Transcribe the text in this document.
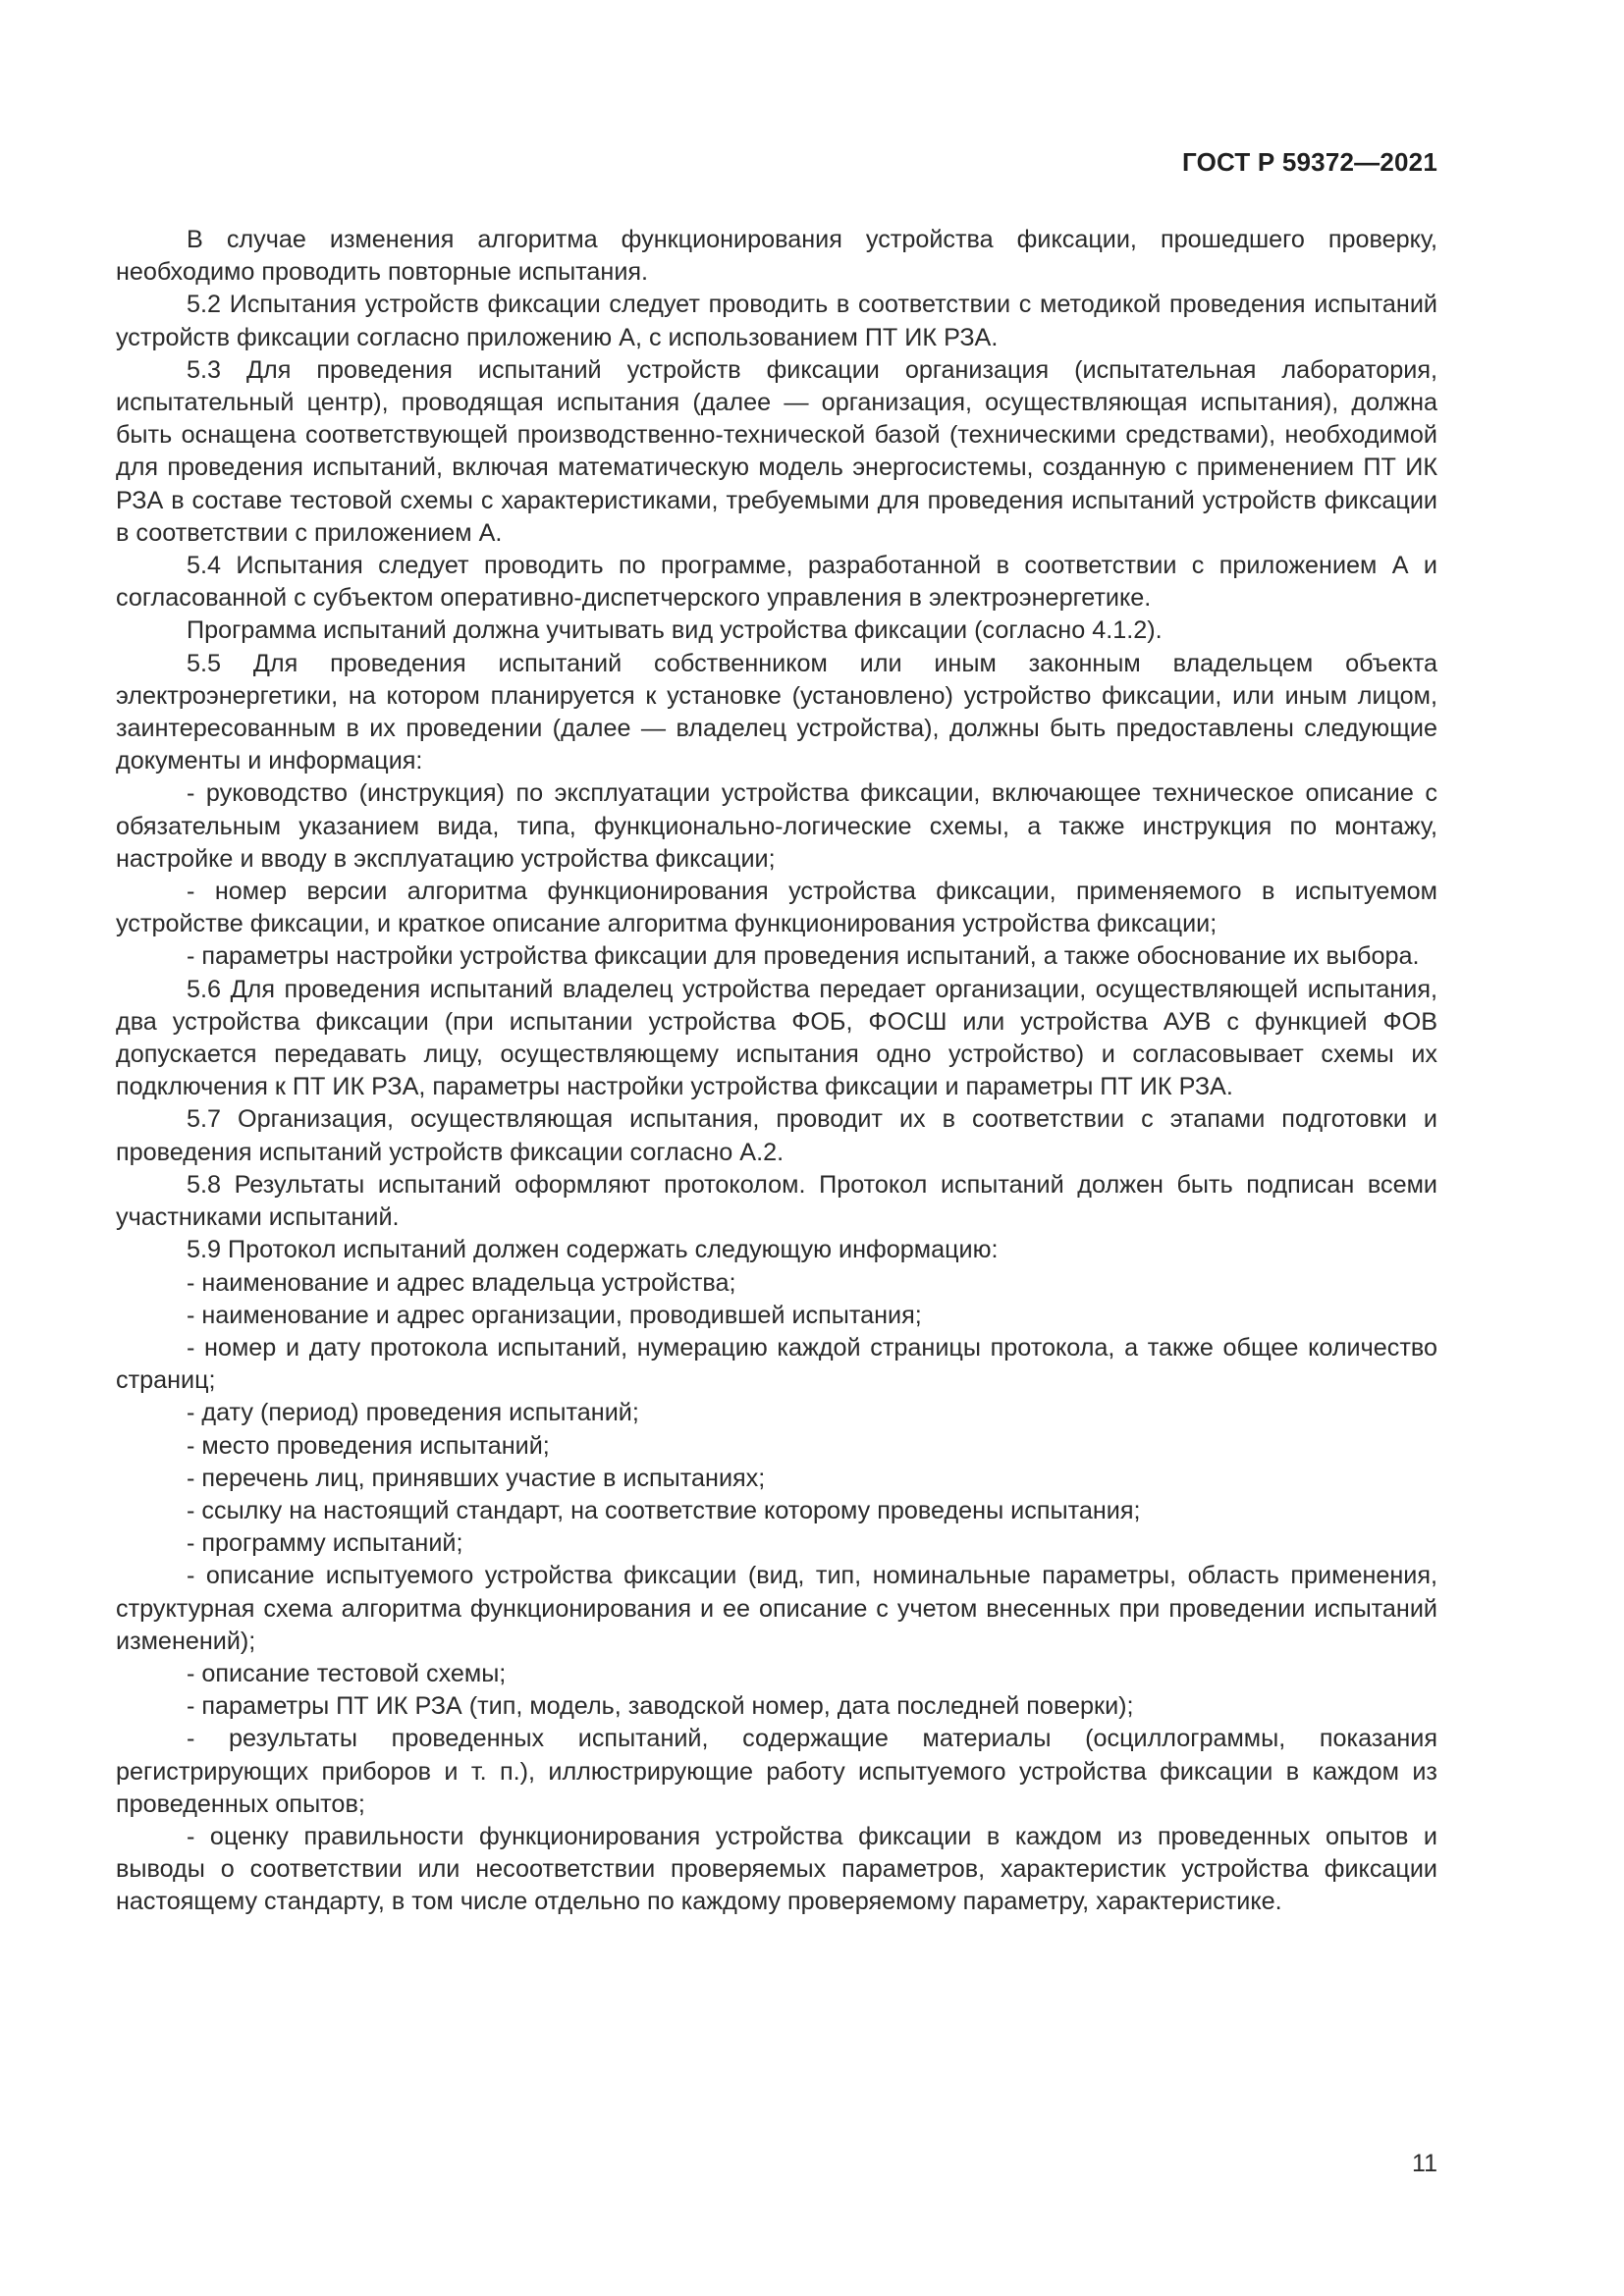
ГОСТ Р 59372—2021

В случае изменения алгоритма функционирования устройства фиксации, прошедшего проверку, необходимо проводить повторные испытания.

5.2 Испытания устройств фиксации следует проводить в соответствии с методикой проведения испытаний устройств фиксации согласно приложению А, с использованием ПТ ИК РЗА.

5.3 Для проведения испытаний устройств фиксации организация (испытательная лаборатория, испытательный центр), проводящая испытания (далее — организация, осуществляющая испытания), должна быть оснащена соответствующей производственно-технической базой (техническими средствами), необходимой для проведения испытаний, включая математическую модель энергосистемы, созданную с применением ПТ ИК РЗА в составе тестовой схемы с характеристиками, требуемыми для проведения испытаний устройств фиксации в соответствии с приложением А.

5.4 Испытания следует проводить по программе, разработанной в соответствии с приложением А и согласованной с субъектом оперативно-диспетчерского управления в электроэнергетике.

Программа испытаний должна учитывать вид устройства фиксации (согласно 4.1.2).

5.5 Для проведения испытаний собственником или иным законным владельцем объекта электроэнергетики, на котором планируется к установке (установлено) устройство фиксации, или иным лицом, заинтересованным в их проведении (далее — владелец устройства), должны быть предоставлены следующие документы и информация:

- руководство (инструкция) по эксплуатации устройства фиксации, включающее техническое описание с обязательным указанием вида, типа, функционально-логические схемы, а также инструкция по монтажу, настройке и вводу в эксплуатацию устройства фиксации;

- номер версии алгоритма функционирования устройства фиксации, применяемого в испытуемом устройстве фиксации, и краткое описание алгоритма функционирования устройства фиксации;

- параметры настройки устройства фиксации для проведения испытаний, а также обоснование их выбора.

5.6 Для проведения испытаний владелец устройства передает организации, осуществляющей испытания, два устройства фиксации (при испытании устройства ФОБ, ФОСШ или устройства АУВ с функцией ФОВ допускается передавать лицу, осуществляющему испытания одно устройство) и согласовывает схемы их подключения к ПТ ИК РЗА, параметры настройки устройства фиксации и параметры ПТ ИК РЗА.

5.7 Организация, осуществляющая испытания, проводит их в соответствии с этапами подготовки и проведения испытаний устройств фиксации согласно А.2.

5.8 Результаты испытаний оформляют протоколом. Протокол испытаний должен быть подписан всеми участниками испытаний.

5.9 Протокол испытаний должен содержать следующую информацию:

- наименование и адрес владельца устройства;

- наименование и адрес организации, проводившей испытания;

- номер и дату протокола испытаний, нумерацию каждой страницы протокола, а также общее количество страниц;

- дату (период) проведения испытаний;

- место проведения испытаний;

- перечень лиц, принявших участие в испытаниях;

- ссылку на настоящий стандарт, на соответствие которому проведены испытания;

- программу испытаний;

- описание испытуемого устройства фиксации (вид, тип, номинальные параметры, область применения, структурная схема алгоритма функционирования и ее описание с учетом внесенных при проведении испытаний изменений);

- описание тестовой схемы;

- параметры ПТ ИК РЗА (тип, модель, заводской номер, дата последней поверки);

- результаты проведенных испытаний, содержащие материалы (осциллограммы, показания регистрирующих приборов и т. п.), иллюстрирующие работу испытуемого устройства фиксации в каждом из проведенных опытов;

- оценку правильности функционирования устройства фиксации в каждом из проведенных опытов и выводы о соответствии или несоответствии проверяемых параметров, характеристик устройства фиксации настоящему стандарту, в том числе отдельно по каждому проверяемому параметру, характеристике.

11
